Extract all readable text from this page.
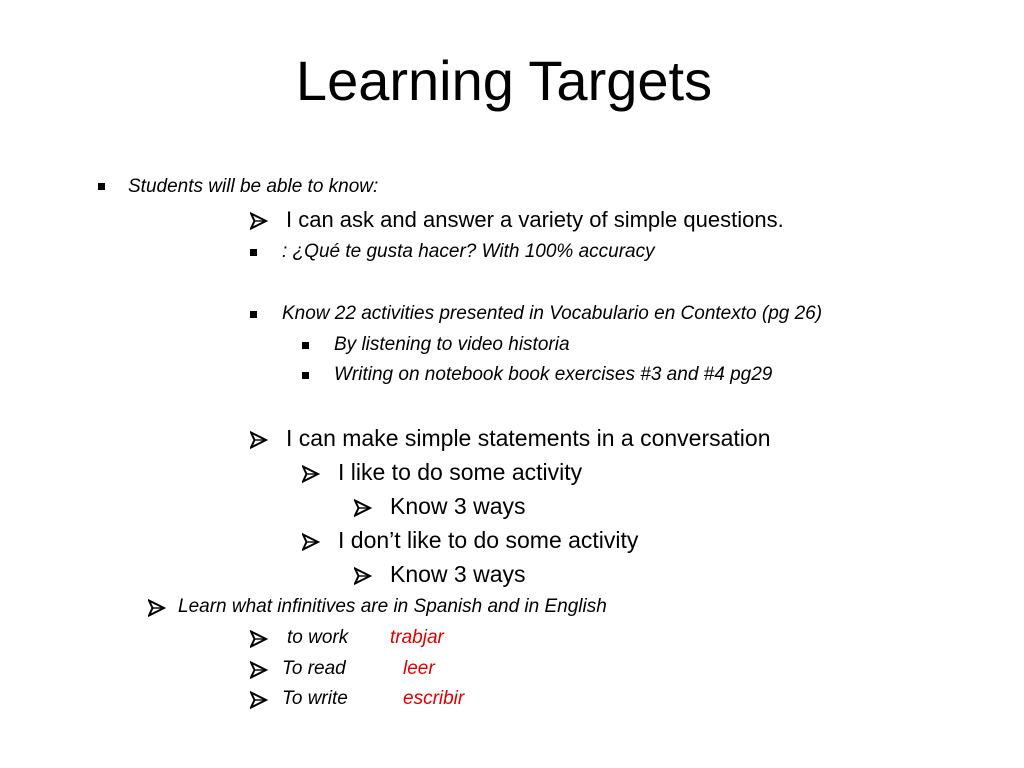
Learning Targets
Students will be able to know:
I can ask and answer a variety of simple questions.
: ¿Qué te gusta hacer? With 100% accuracy
Know 22 activities presented in Vocabulario en Contexto (pg 26)
By listening to video historia
Writing on notebook book exercises #3 and #4 pg29
I can make simple statements in a conversation
I like to do some activity
Know 3 ways
I don’t like to do some activity
Know 3 ways
Learn what infinitives are in Spanish and in English
to work trabjar
To read	leer
To write	escribir
